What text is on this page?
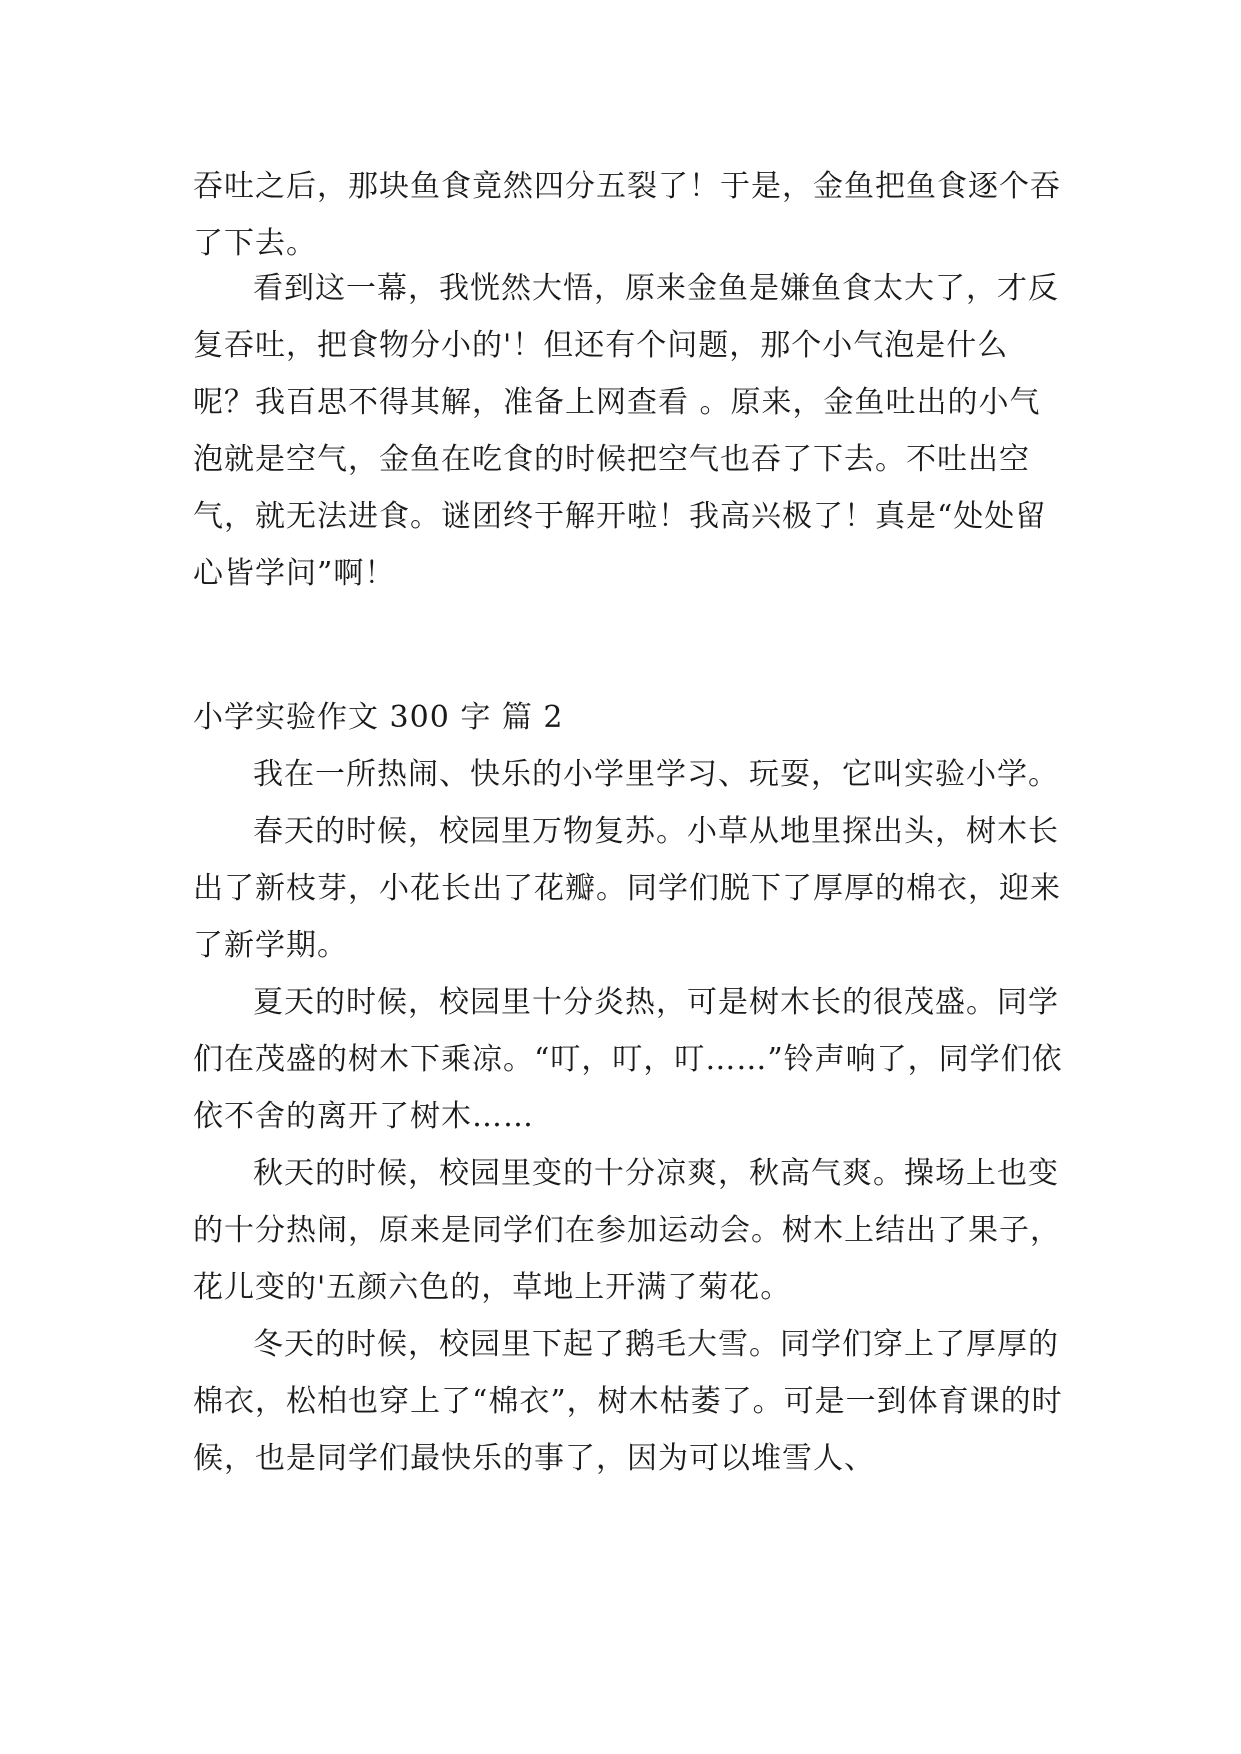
吞吐之后，那块鱼食竟然四分五裂了！于是，金鱼把鱼食逐个吞了下去。

看到这一幕，我恍然大悟，原来金鱼是嫌鱼食太大了，才反复吞吐，把食物分小的'！但还有个问题，那个小气泡是什么呢？我百思不得其解，准备上网查看 。原来，金鱼吐出的小气泡就是空气，金鱼在吃食的时候把空气也吞了下去。不吐出空气，就无法进食。谜团终于解开啦！我高兴极了！真是“处处留心皆学问”啊！

小学实验作文 300 字 篇 2

我在一所热闹、快乐的小学里学习、玩耍，它叫实验小学。

春天的时候，校园里万物复苏。小草从地里探出头，树木长出了新枝芽，小花长出了花瓣。同学们脱下了厚厚的棉衣，迎来了新学期。

夏天的时候，校园里十分炎热，可是树木长的很茂盛。同学们在茂盛的树木下乘凉。“叮，叮，叮……”铃声响了，同学们依依不舍的离开了树木……

秋天的时候，校园里变的十分凉爽，秋高气爽。操场上也变的十分热闹，原来是同学们在参加运动会。树木上结出了果子，花儿变的'五颜六色的，草地上开满了菊花。

冬天的时候，校园里下起了鹅毛大雪。同学们穿上了厚厚的棉衣，松柏也穿上了“棉衣”，树木枯萎了。可是一到体育课的时候，也是同学们最快乐的事了，因为可以堆雪人、
